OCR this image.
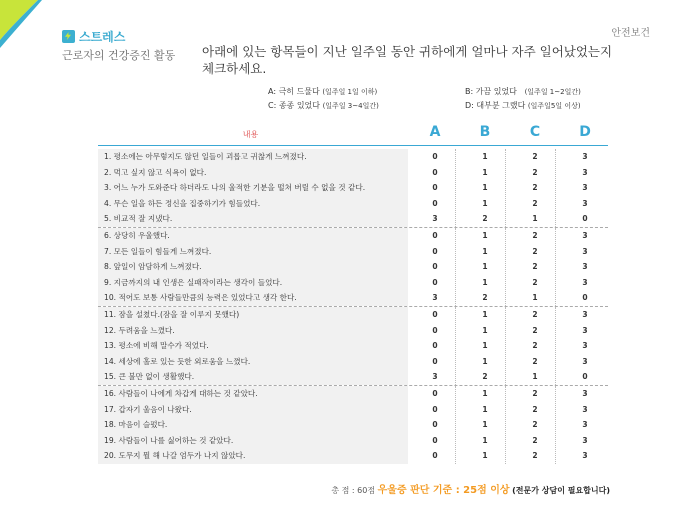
스트레스	안전보건
근로자의 건강증진 활동 아래에 있는 항목들이 지난 일주일 동안 귀하에게 얼마나 자주 일어났었는지 체크하세요.
A: 극히 드물다 (일주일 1일 이하)
C: 종종 있었다 (일주일 3~4일간)
B: 가끔 있었다 (일주일 1~2일간)
D: 대부분 그랬다 (일주일5일 이상)
내용	A	B	C	D
1. 평소에는 아무렇지도 않던 일들이 괴롭고 귀찮게 느껴졌다.	0	1	2	3
2. 먹고 싶지 않고 식욕이 없다.	0	1	2	3
3. 어느 누가 도와준다 하더라도 나의 울적한 기분을 떨쳐 버릴 수 없을 것 같다.	0	1	2	3
4. 무슨 일을 하든 정신을 집중하기가 힘들었다.	0	1	2	3
5. 비교적 잘 지냈다.	3	2	1	0
6. 상당히 우울했다.	0	1	2	3
7. 모든 일들이 힘들게 느껴졌다.	0	1	2	3
8. 앞일이 암담하게 느껴졌다.	0	1	2	3
9. 지금까지의 내 인생은 실패작이라는 생각이 들었다.	0	1	2	3
10. 적어도 보통 사람들만큼의 능력은 있었다고 생각 한다.	3	2	1	0
11. 잠을 설쳤다.(잠을 잘 이루지 못했다)	0	1	2	3
12. 두려움을 느꼈다.	0	1	2	3
13. 평소에 비해 말수가 적었다.	0	1	2	3
14. 세상에 홀로 있는 듯한 외로움을 느꼈다.	0	1	2	3
15. 큰 불만 없이 생활했다.	3	2	1	0
16. 사람들이 나에게 차갑게 대하는 것 같았다.	0	1	2	3
17. 갑자기 울음이 나왔다.	0	1	2	3
18. 마음이 슬펐다.	0	1	2	3
19. 사람들이 나를 싫어하는 것 같았다.	0	1	2	3
20. 도무지 뭘 해 나갈 엄두가 나지 않았다.	0	1	2	3
총 점 : 60점 우울증 판단 기준 : 25점 이상 (전문가 상담이 필요합니다)
